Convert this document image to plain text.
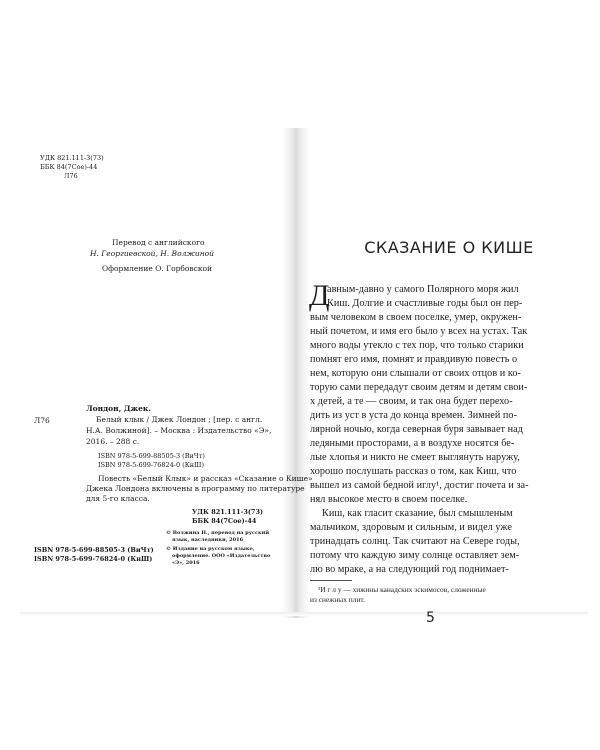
УДК 821.111-3(73)
ББК 84(7Сое)-44
Л76
Перевод с английского
Н. Георгиевской, Н. Волжиной
Оформление О. Горбовской
Лондон, Джек.
Л76	Белый клык / Джек Лондон ; [пер. с англ.
Н.А. Волжиной]. – Москва : Издательство «Э»,
2016. – 288 с.
ISBN 978-5-699-88505-3 (ВиЧт)
ISBN 978-5-699-76824-0 (КнШ)
Повесть «Белый Клык» и рассказ «Сказание о Кише»
Джека Лондона включены в программу по литературе
для 5-го класса.
УДК 821.111-3(73)
ББК 84(7Сое)-44
ISBN 978-5-699-88505-3 (ВиЧт)
ISBN 978-5-699-76824-0 (КнШ)
© Волжина Н., перевод на русский
язык, наследники, 2016
© Издание на русском языке,
оформление. ООО «Издательство
«Э», 2016
СКАЗАНИЕ О КИШЕ
Д
авным-давно у самого Полярного моря жил
Киш. Долгие и счастливые годы был он пер-
вым человеком в своем поселке, умер, окружен-
ный почетом, и имя его было у всех на устах. Так
много воды утекло с тех пор, что только старики
помнят его имя, помнят и правдивую повесть о
нем, которую они слышали от своих отцов и ко-
торую сами передадут своим детям и детям свои-
х детей, а те — своим, и так она будет перехо-
дить из уст в уста до конца времен. Зимней по-
лярной ночью, когда северная буря завывает над
ледяными просторами, а в воздухе носятся бе-
лые хлопья и никто не смеет выглянуть наружу,
хорошо послушать рассказ о том, как Киш, что
вышел из самой бедной иглу¹, достиг почета и за-
нял высокое место в своем поселке.
Киш, как гласит сказание, был смышленым
мальчиком, здоровым и сильным, и видел уже
тринадцать солнц. Так считают на Севере годы,
потому что каждую зиму солнце оставляет зем-
лю во мраке, а на следующий год поднимает-
¹И г л у — хижины канадских эскимосов, сложенные
из снежных плит.
5
